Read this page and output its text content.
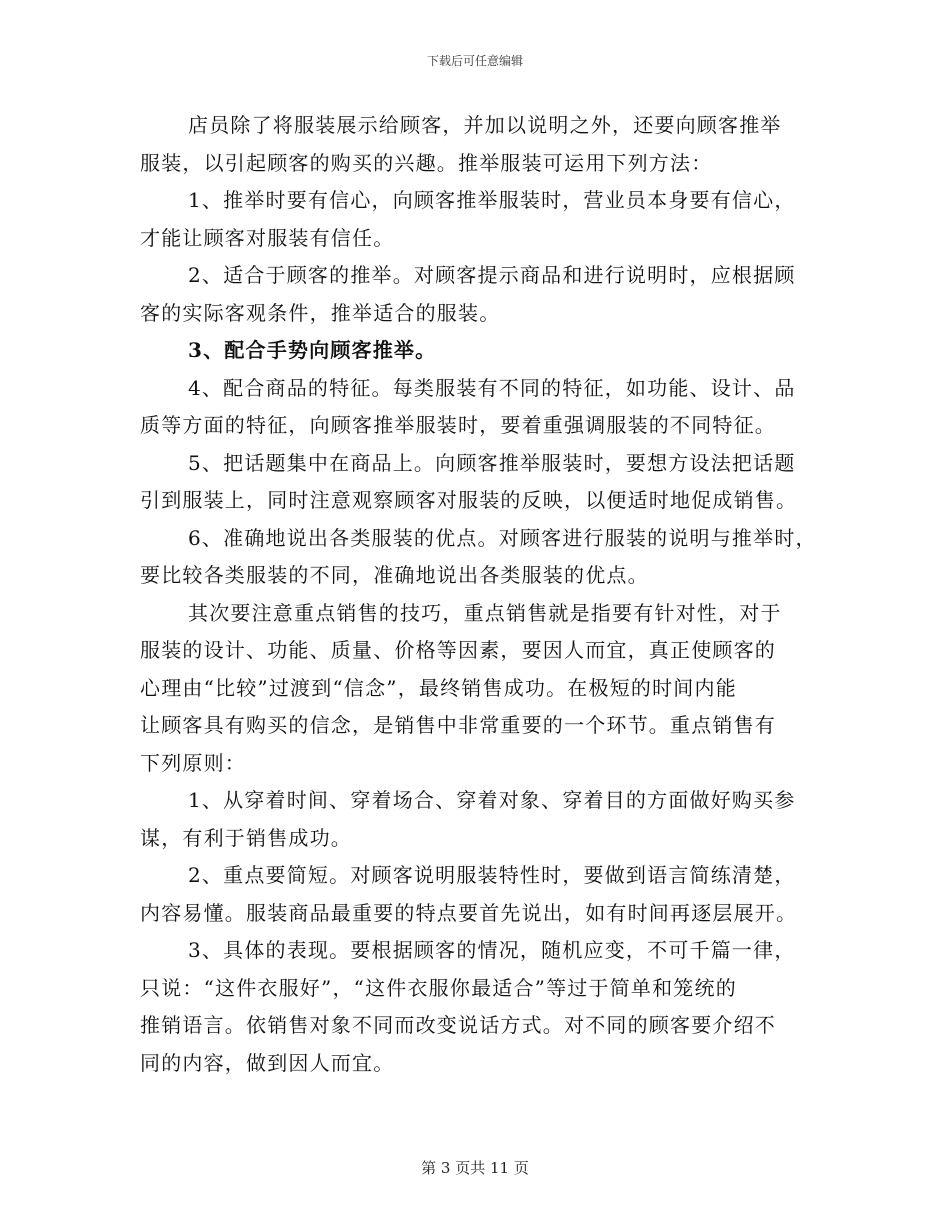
下载后可任意编辑
店员除了将服装展示给顾客，并加以说明之外，还要向顾客推举
服装，以引起顾客的购买的兴趣。推举服装可运用下列方法：
1、推举时要有信心，向顾客推举服装时，营业员本身要有信心，
才能让顾客对服装有信任。
2、适合于顾客的推举。对顾客提示商品和进行说明时，应根据顾
客的实际客观条件，推举适合的服装。
3、配合手势向顾客推举。
4、配合商品的特征。每类服装有不同的特征，如功能、设计、品
质等方面的特征，向顾客推举服装时，要着重强调服装的不同特征。
5、把话题集中在商品上。向顾客推举服装时，要想方设法把话题
引到服装上，同时注意观察顾客对服装的反映，以便适时地促成销售。
6、准确地说出各类服装的优点。对顾客进行服装的说明与推举时，
要比较各类服装的不同，准确地说出各类服装的优点。
其次要注意重点销售的技巧，重点销售就是指要有针对性，对于
服装的设计、功能、质量、价格等因素，要因人而宜，真正使顾客的
心理由“比较”过渡到“信念”，最终销售成功。在极短的时间内能
让顾客具有购买的信念，是销售中非常重要的一个环节。重点销售有
下列原则：
1、从穿着时间、穿着场合、穿着对象、穿着目的方面做好购买参
谋，有利于销售成功。
2、重点要简短。对顾客说明服装特性时，要做到语言简练清楚，
内容易懂。服装商品最重要的特点要首先说出，如有时间再逐层展开。
3、具体的表现。要根据顾客的情况，随机应变，不可千篇一律，
只说：“这件衣服好”，“这件衣服你最适合”等过于简单和笼统的
推销语言。依销售对象不同而改变说话方式。对不同的顾客要介绍不
同的内容，做到因人而宜。
第 3 页共 11 页
